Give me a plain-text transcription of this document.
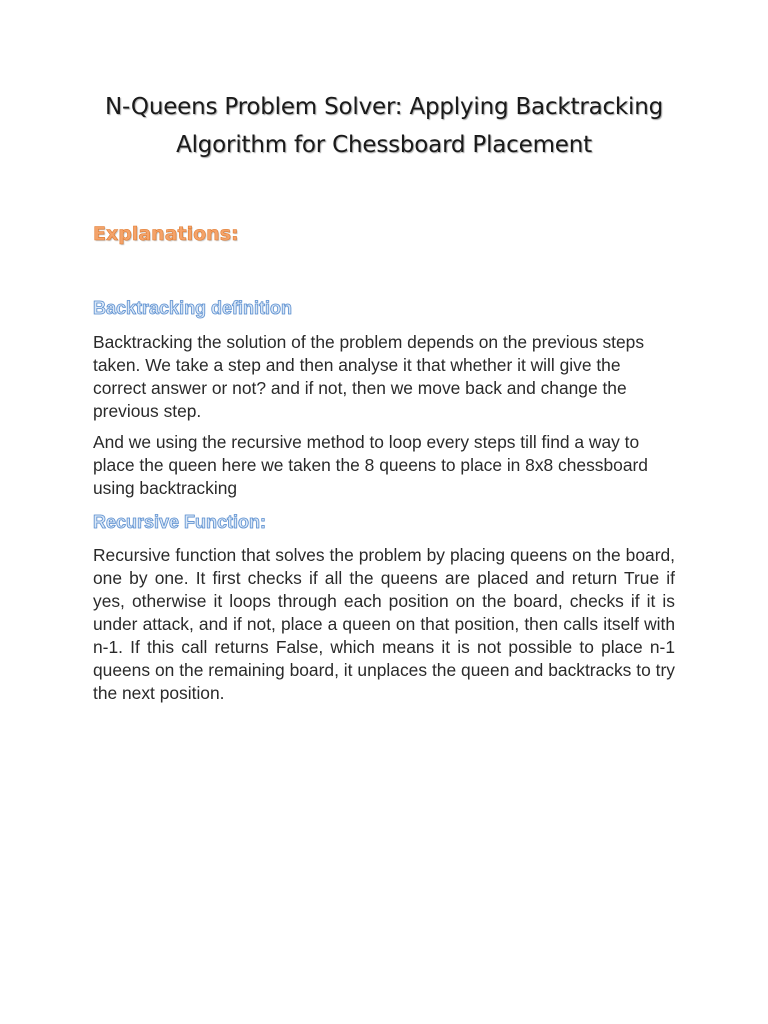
N-Queens Problem Solver: Applying Backtracking Algorithm for Chessboard Placement
Explanations:
Backtracking definition

Backtracking the solution of the problem depends on the previous steps taken. We take a step and then analyse it that whether it will give the correct answer or not? and if not, then we move back and change the previous step.

And we using the recursive method to loop every steps till find a way to place the queen here we taken the 8 queens to place in 8x8 chessboard using backtracking

Recursive Function:

Recursive function that solves the problem by placing queens on the board, one by one. It first checks if all the queens are placed and return True if yes, otherwise it loops through each position on the board, checks if it is under attack, and if not, place a queen on that position, then calls itself with n-1. If this call returns False, which means it is not possible to place n-1 queens on the remaining board, it unplaces the queen and backtracks to try the next position.
